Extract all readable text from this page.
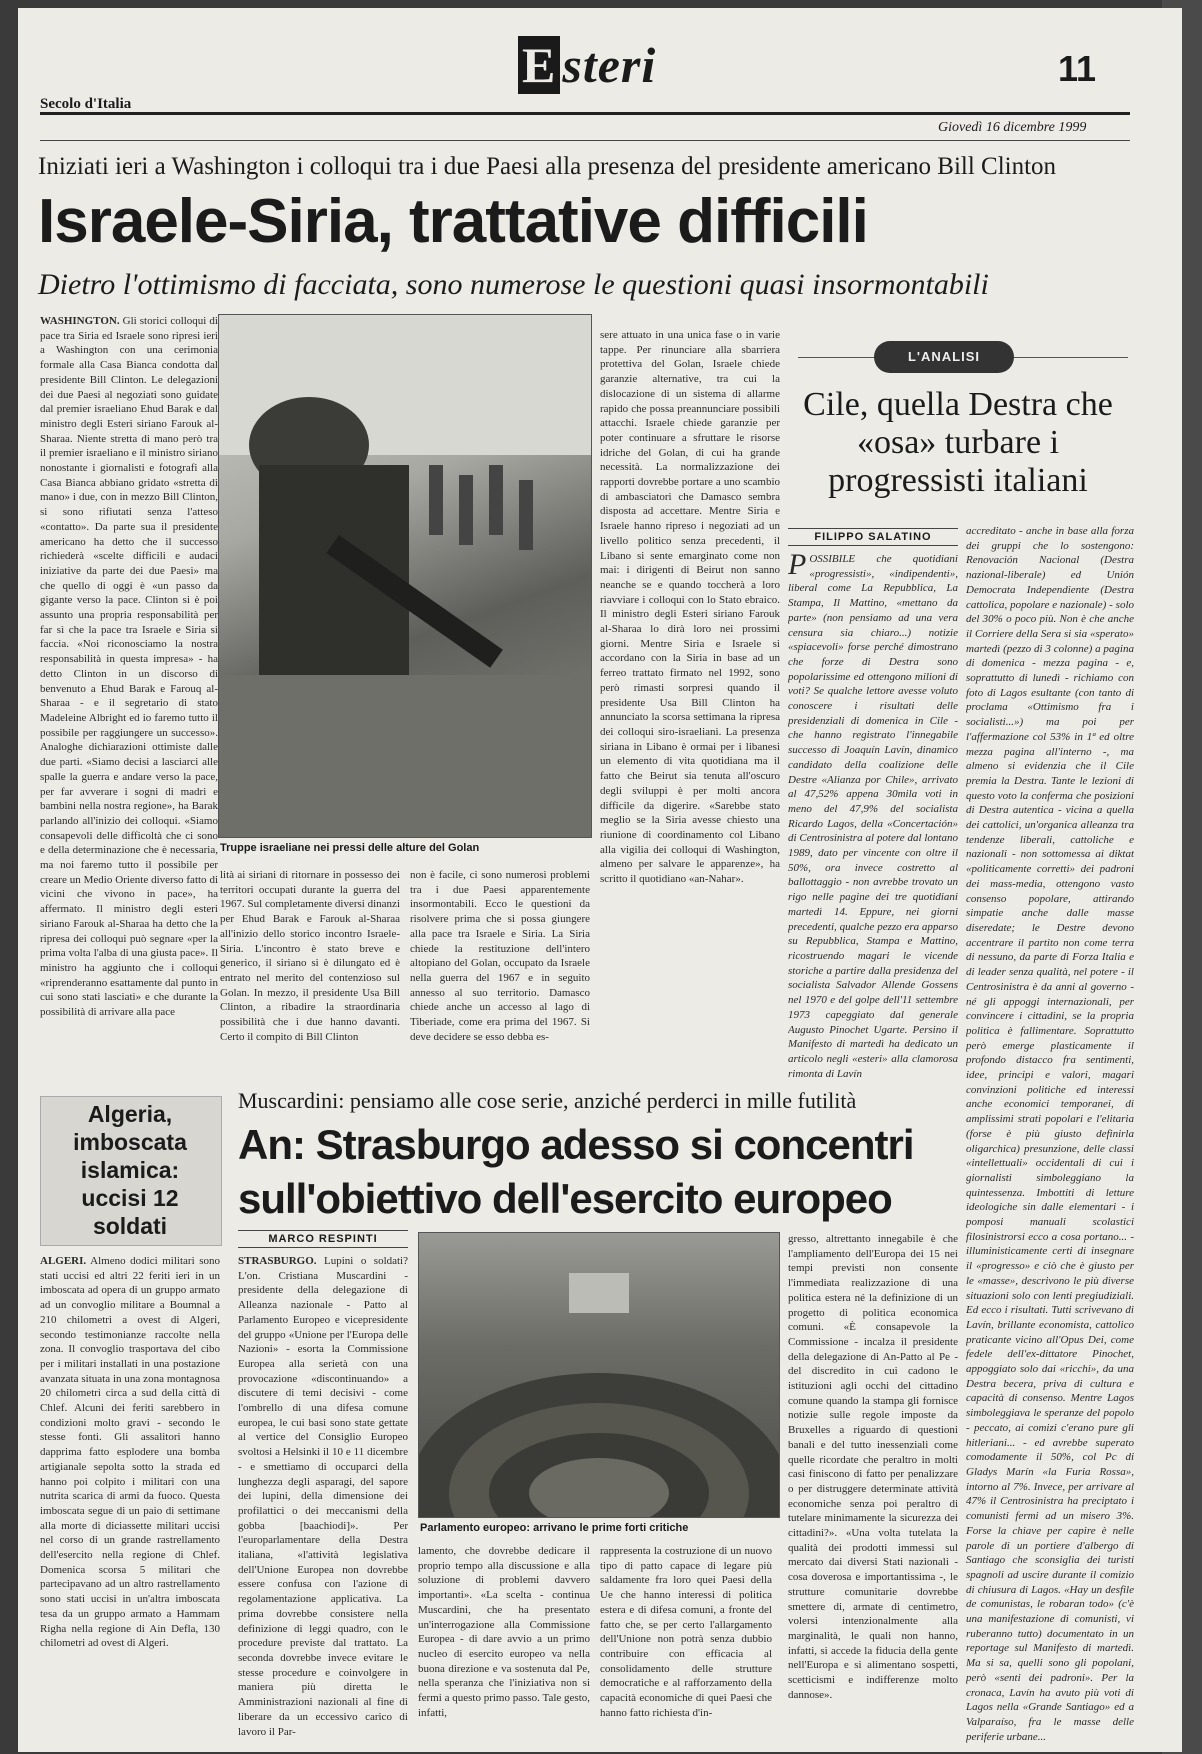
E steri	11
Secolo d'Italia
Giovedì 16 dicembre 1999
Iniziati ieri a Washington i colloqui tra i due Paesi alla presenza del presidente americano Bill Clinton
Israele-Siria, trattative difficili
Dietro l'ottimismo di facciata, sono numerose le questioni quasi insormontabili
WASHINGTON. Gli storici colloqui di pace tra Siria ed Israele sono ripresi ieri a Washington con una cerimonia formale alla Casa Bianca condotta dal presidente Bill Clinton. Le delegazioni dei due Paesi al negoziati sono guidate dal premier israeliano Ehud Barak e dal ministro degli Esteri siriano Farouk al-Sharaa. Niente stretta di mano però tra il premier israeliano e il ministro siriano nonostante i giornalisti e fotografi alla Casa Bianca abbiano gridato «stretta di mano» i due, con in mezzo Bill Clinton, si sono rifiutati senza l'atteso «contatto». Da parte sua il presidente americano ha detto che il successo richiederà «scelte difficili e audaci iniziative da parte dei due Paesi» ma che quello di oggi è «un passo da gigante verso la pace. Clinton si è poi assunto una propria responsabilità per far sì che la pace tra Israele e Siria si faccia. «Noi riconosciamo la nostra responsabilità in questa impresa» - ha detto Clinton in un discorso di benvenuto a Ehud Barak e Farouq al-Sharaa - e il segretario di stato Madeleine Albright ed io faremo tutto il possibile per raggiungere un successo». Analoghe dichiarazioni ottimiste dalle due parti. «Siamo decisi a lasciarci alle spalle la guerra e andare verso la pace, per far avverare i sogni di madri e bambini nella nostra regione», ha Barak parlando all'inizio dei colloqui. «Siamo consapevoli delle difficoltà che ci sono e della determinazione che è necessaria, ma noi faremo tutto il possibile per creare un Medio Oriente diverso fatto di vicini che vivono in pace», ha affermato. Il ministro degli esteri siriano Farouk al-Sharaa ha detto che la ripresa dei colloqui può segnare «per la prima volta l'alba di una giusta pace». Il ministro ha aggiunto che i colloqui «riprenderanno esattamente dal punto in cui sono stati lasciati» e che durante la possibilità di arrivare alla pace
Truppe israeliane nei pressi delle alture del Golan
lità ai siriani di ritornare in possesso dei territori occupati durante la guerra del 1967. Sul completamente diversi dinanzi per Ehud Barak e Farouk al-Sharaa all'inizio dello storico incontro Israele-Siria. L'incontro è stato breve e generico, il siriano si è dilungato ed è entrato nel merito del contenzioso sul Golan. In mezzo, il presidente Usa Bill Clinton, a ribadire la straordinaria possibilità che i due hanno davanti. Certo il compito di Bill Clinton
non è facile, ci sono numerosi problemi tra i due Paesi apparentemente insormontabili. Ecco le questioni da risolvere prima che si possa giungere alla pace tra Israele e Siria. La Siria chiede la restituzione dell'intero altopiano del Golan, occupato da Israele nella guerra del 1967 e in seguito annesso al suo territorio. Damasco chiede anche un accesso al lago di Tiberiade, come era prima del 1967. Si deve decidere se esso debba es-
sere attuato in una unica fase o in varie tappe. Per rinunciare alla sbarriera protettiva del Golan, Israele chiede garanzie alternative, tra cui la dislocazione di un sistema di allarme rapido che possa preannunciare possibili attacchi. Israele chiede garanzie per poter continuare a sfruttare le risorse idriche del Golan, di cui ha grande necessità. La normalizzazione dei rapporti dovrebbe portare a uno scambio di ambasciatori che Damasco sembra disposta ad accettare. Mentre Siria e Israele hanno ripreso i negoziati ad un livello politico senza precedenti, il Libano si sente emarginato come non mai: i dirigenti di Beirut non sanno neanche se e quando toccherà a loro riavviare i colloqui con lo Stato ebraico. Il ministro degli Esteri siriano Farouk al-Sharaa lo dirà loro nei prossimi giorni. Mentre Siria e Israele si accordano con la Siria in base ad un ferreo trattato firmato nel 1992, sono però rimasti sorpresi quando il presidente Usa Bill Clinton ha annunciato la scorsa settimana la ripresa dei colloqui siro-israeliani. La presenza siriana in Libano è ormai per i libanesi un elemento di vita quotidiana ma il fatto che Beirut sia tenuta all'oscuro degli sviluppi è per molti ancora difficile da digerire. «Sarebbe stato meglio se la Siria avesse chiesto una riunione di coordinamento col Libano alla vigilia dei colloqui di Washington, almeno per salvare le apparenze», ha scritto il quotidiano «an-Nahar».
L'ANALISI
Cile, quella Destra che «osa» turbare i progressisti italiani
FILIPPO SALATINO
POSSIBILE che quotidiani «progressisti», «indipendenti», liberal come La Repubblica, La Stampa, Il Mattino, «mettano da parte» (non pensiamo ad una vera censura sia chiaro...) notizie «spiacevoli» forse perché dimostrano che forze di Destra sono popolarissime ed ottengono milioni di voti? Se qualche lettore avesse voluto conoscere i risultati delle presidenziali di domenica in Cile - che hanno registrato l'innegabile successo di Joaquín Lavín, dinamico candidato della coalizione delle Destre «Alianza por Chile», arrivato al 47,52% appena 30mila voti in meno del 47,9% del socialista Ricardo Lagos, della «Concertación» di Centrosinistra al potere dal lontano 1989, dato per vincente con oltre il 50%, ora invece costretto al ballottaggio - non avrebbe trovato un rigo nelle pagine dei tre quotidiani martedì 14. Eppure, nei giorni precedenti, qualche pezzo era apparso su Repubblica, Stampa e Mattino, ricostruendo magari le vicende storiche a partire dalla presidenza del socialista Salvador Allende Gossens nel 1970 e del golpe dell'11 settembre 1973 capeggiato dal generale Augusto Pinochet Ugarte. Persino il Manifesto di martedì ha dedicato un articolo negli «esteri» alla clamorosa rimonta di Lavín
accreditato - anche in base alla forza dei gruppi che lo sostengono: Renovación Nacional (Destra nazional-liberale) ed Unión Democrata Independiente (Destra cattolica, popolare e nazionale) - solo del 30% o poco più. Non è che anche il Corriere della Sera si sia «sperato» martedì (pezzo di 3 colonne) a pagina di domenica - mezza pagina - e, soprattutto di lunedì - richiamo con foto di Lagos esultante (con tanto di proclama «Ottimismo fra i socialisti...») ma poi per l'affermazione col 53% in 1ª ed oltre mezza pagina all'interno -, ma almeno si evidenzia che il Cile premia la Destra. Tante le lezioni di questo voto la conferma che posizioni di Destra autentica - vicina a quella dei cattolici, un'organica alleanza tra tendenze liberali, cattoliche e nazionali - non sottomessa ai diktat «politicamente corretti» dei padroni dei mass-media, ottengono vasto consenso popolare, attirando simpatie anche dalle masse diseredate; le Destre devono accentrare il partito non come terra di nessuno, da parte di Forza Italia e di leader senza qualità, nel potere - il Centrosinistra è da anni al governo - né gli appoggi internazionali, per convincere i cittadini, se la propria politica è fallimentare. Soprattutto però emerge plasticamente il profondo distacco fra sentimenti, idee, principi e valori, magari convinzioni politiche ed interessi anche economici temporanei, di amplissimi strati popolari e l'elitaria (forse è più giusto definirla oligarchica) presunzione, delle classi «intellettuali» occidentali di cui i giornalisti simboleggiano la quintessenza. Imbottiti di letture ideologiche sin dalle elementari - i pomposi manuali scolastici filosinistrorsi ecco a cosa portano... - illuministicamente certi di insegnare il «progresso» e ciò che è giusto per le «masse», descrivono le più diverse situazioni solo con lenti pregiudiziali. Ed ecco i risultati. Tutti scrivevano di Lavín, brillante economista, cattolico praticante vicino all'Opus Dei, come fedele dell'ex-dittatore Pinochet, appoggiato solo dai «ricchi», da una Destra becera, priva di cultura e capacità di consenso. Mentre Lagos simboleggiava le speranze del popolo - peccato, ai comizi c'erano pure gli hitleriani... - ed avrebbe superato comodamente il 50%, col Pc di Gladys Marín «la Furia Rossa», intorno al 7%. Invece, per arrivare al 47% il Centrosinistra ha preciptato i comunisti fermi ad un misero 3%. Forse la chiave per capire è nelle parole di un portiere d'albergo di Santiago che sconsiglia dei turisti spagnoli ad uscire durante il comizio di chiusura di Lagos. «Hay un desfile de comunistas, le robaran todo» (c'è una manifestazione di comunisti, vi ruberanno tutto) documentato in un reportage sul Manifesto di martedì. Ma si sa, quelli sono gli popolani, però «senti dei padroni». Per la cronaca, Lavín ha avuto più voti di Lagos nella «Grande Santiago» ed a Valparaíso, fra le masse delle periferie urbane...
Algeria, imboscata islamica: uccisi 12 soldati
ALGERI. Almeno dodici militari sono stati uccisi ed altri 22 feriti ieri in un imboscata ad opera di un gruppo armato ad un convoglio militare a Boumnal a 210 chilometri a ovest di Algeri, secondo testimonianze raccolte nella zona. Il convoglio trasportava del cibo per i militari installati in una postazione avanzata situata in una zona montagnosa 20 chilometri circa a sud della città di Chlef. Alcuni dei feriti sarebbero in condizioni molto gravi - secondo le stesse fonti. Gli assalitori hanno dapprima fatto esplodere una bomba artigianale sepolta sotto la strada ed hanno poi colpito i militari con una nutrita scarica di armi da fuoco. Questa imboscata segue di un paio di settimane alla morte di diciassette militari uccisi nel corso di un grande rastrellamento dell'esercito nella regione di Chlef. Domenica scorsa 5 militari che partecipavano ad un altro rastrellamento sono stati uccisi in un'altra imboscata tesa da un gruppo armato a Hammam Righa nella regione di Ain Defla, 130 chilometri ad ovest di Algeri.
Muscardini: pensiamo alle cose serie, anziché perderci in mille futilità
An: Strasburgo adesso si concentri sull'obiettivo dell'esercito europeo
MARCO RESPINTI
STRASBURGO. Lupini o soldati? L'on. Cristiana Muscardini - presidente della delegazione di Alleanza nazionale - Patto al Parlamento Europeo e vicepresidente del gruppo «Unione per l'Europa delle Nazioni» - esorta la Commissione Europea alla serietà con una provocazione «discontinuando» a discutere di temi decisivi - come l'ombrello di una difesa comune europea, le cui basi sono state gettate al vertice del Consiglio Europeo svoltosi a Helsinki il 10 e 11 dicembre - e smettiamo di occuparci della lunghezza degli asparagi, del sapore dei lupini, della dimensione dei profilattici o dei meccanismi della gobba [baachiodi]». Per l'europarlamentare della Destra italiana, «l'attività legislativa dell'Unione Europea non dovrebbe essere confusa con l'azione di regolamentazione applicativa. La prima dovrebbe consistere nella definizione di leggi quadro, con le procedure previste dal trattato. La seconda dovrebbe invece evitare le stesse procedure e coinvolgere in maniera più diretta le Amministrazioni nazionali al fine di liberare da un eccessivo carico di lavoro il Par-
Parlamento europeo: arrivano le prime forti critiche
lamento, che dovrebbe dedicare il proprio tempo alla discussione e alla soluzione di problemi davvero importanti». «La scelta - continua Muscardini, che ha presentato un'interrogazione alla Commissione Europea - di dare avvio a un primo nucleo di esercito europeo va nella buona direzione e va sostenuta dal Pe, nella speranza che l'iniziativa non si fermi a questo primo passo. Tale gesto, infatti,
rappresenta la costruzione di un nuovo tipo di patto capace di legare più saldamente fra loro quei Paesi della Ue che hanno interessi di politica estera e di difesa comuni, a fronte del fatto che, se per certo l'allargamento dell'Unione non potrà senza dubbio contribuire con efficacia al consolidamento delle strutture democratiche e al rafforzamento della capacità economiche di quei Paesi che hanno fatto richiesta d'in-
gresso, altrettanto innegabile è che l'ampliamento dell'Europa dei 15 nei tempi previsti non consente l'immediata realizzazione di una politica estera né la definizione di un progetto di politica economica comuni. «È consapevole la Commissione - incalza il presidente della delegazione di An-Patto al Pe - del discredito in cui cadono le istituzioni agli occhi del cittadino comune quando la stampa gli fornisce notizie sulle regole imposte da Bruxelles a riguardo di questioni banali e del tutto inessenziali come quelle ricordate che peraltro in molti casi finiscono di fatto per penalizzare o per distruggere determinate attività economiche senza poi peraltro di tutelare minimamente la sicurezza dei cittadini?». «Una volta tutelata la qualità dei prodotti immessi sul mercato dai diversi Stati nazionali - cosa doverosa e importantissima -, le strutture comunitarie dovrebbe smettere di, armate di centimetro, volersi intenzionalmente alla marginalità, le quali non hanno, infatti, si accede la fiducia della gente nell'Europa e si alimentano sospetti, scetticismi e indifferenze molto dannose».
